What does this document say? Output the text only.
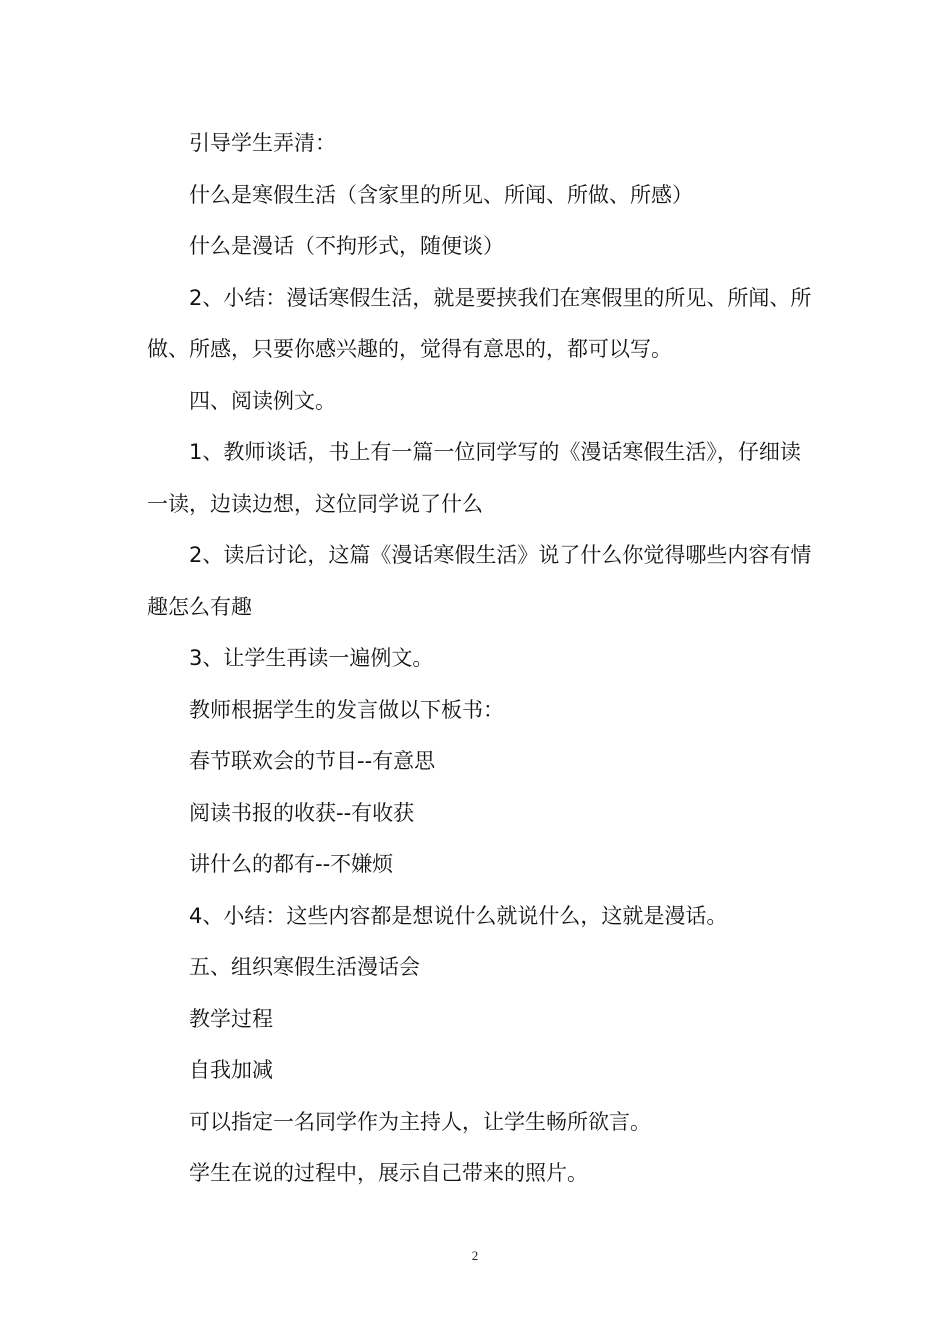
引导学生弄清：

什么是寒假生活（含家里的所见、所闻、所做、所感）

什么是漫话（不拘形式，随便谈）

2、小结：漫话寒假生活，就是要挟我们在寒假里的所见、所闻、所做、所感，只要你感兴趣的，觉得有意思的，都可以写。

四、阅读例文。

1、教师谈话，书上有一篇一位同学写的《漫话寒假生活》，仔细读一读，边读边想，这位同学说了什么

2、读后讨论，这篇《漫话寒假生活》说了什么你觉得哪些内容有情趣怎么有趣

3、让学生再读一遍例文。

教师根据学生的发言做以下板书：

春节联欢会的节目--有意思

阅读书报的收获--有收获

讲什么的都有--不嫌烦

4、小结：这些内容都是想说什么就说什么，这就是漫话。

五、组织寒假生活漫话会

教学过程

自我加减

可以指定一名同学作为主持人，让学生畅所欲言。

学生在说的过程中，展示自己带来的照片。

2
